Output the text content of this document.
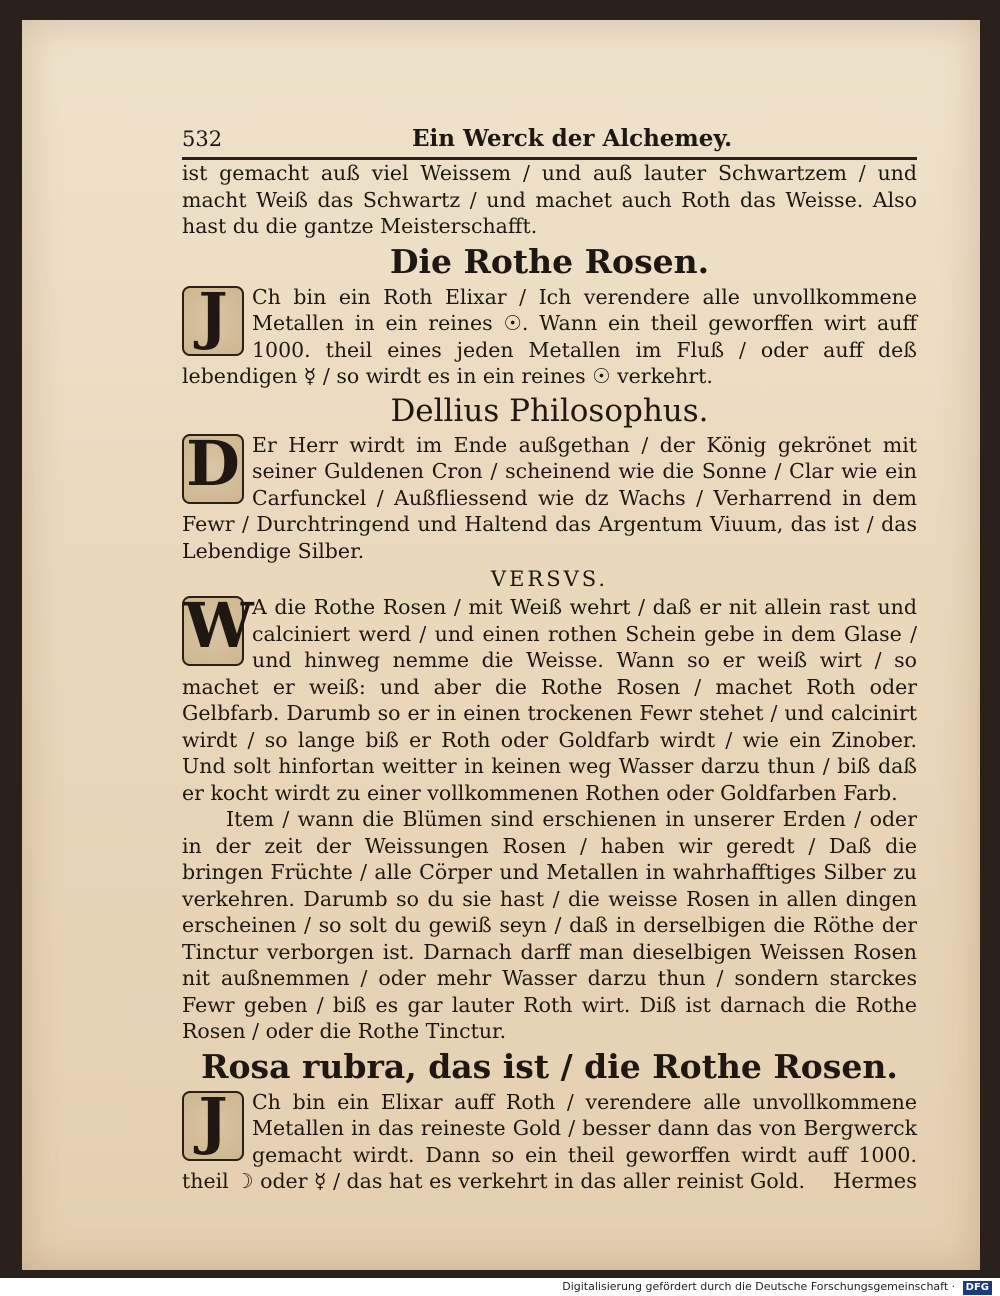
532	Ein Werck der Alchemey.

ist gemacht auß viel Weissem / und auß lauter Schwartzem / und macht Weiß das Schwartz / und machet auch Roth das Weisse. Also hast du die gantze Meisterschafft.

Die Rothe Rosen.

J	Ch bin ein Roth Elixar / Ich verendere alle unvollkommene Metallen in ein reines ☉. Wann ein theil geworffen wirt auff 1000. theil eines jeden Metallen im Fluß / oder auff deß lebendigen ☿ / so wirdt es in ein reines ☉ verkehrt.

Dellius Philosophus.

D Er Herr wirdt im Ende außgethan / der König gekrönet mit seiner Guldenen Cron / scheinend wie die Sonne / Clar wie ein Carfunckel / Außfliessend wie dz Wachs / Verharrend in dem Fewr / Durchtringend und Haltend das Argentum Viuum, das ist / das Lebendige Silber.

VERSVS.

W
A die Rothe Rosen / mit Weiß wehrt / daß er nit allein rast und calciniert werd / und einen rothen Schein gebe in dem Glase / und hinweg nemme die Weisse. Wann so er weiß wirt / so machet er weiß: und aber die Rothe Rosen / machet Roth oder Gelbfarb. Darumb so er in einen trockenen Fewr stehet / und calcinirt wirdt / so lange biß er Roth oder Goldfarb wirdt / wie ein Zinober. Und solt hinfortan weitter in keinen weg Wasser darzu thun / biß daß er kocht wirdt zu einer vollkommenen Rothen oder Goldfarben Farb.

Item / wann die Blümen sind erschienen in unserer Erden / oder in der zeit der Weissungen Rosen / haben wir geredt / Daß die bringen Früchte / alle Cörper und Metallen in wahrhafftiges Silber zu verkehren. Darumb so du sie hast / die weisse Rosen in allen dingen erscheinen / so solt du gewiß seyn / daß in derselbigen die Röthe der Tinctur verborgen ist. Darnach darff man dieselbigen Weissen Rosen nit außnemmen / oder mehr Wasser darzu thun / sondern starckes Fewr geben / biß es gar lauter Roth wirt. Diß ist darnach die Rothe Rosen / oder die Rothe Tinctur.

Rosa rubra, das ist / die Rothe Rosen.

J	Ch bin ein Elixar auff Roth / verendere alle unvollkommene Metallen in das reineste Gold / besser dann das von Bergwerck gemacht wirdt. Dann so ein theil geworffen wirdt auff 1000. theil ☽ oder ☿ / das hat es verkehrt in das aller reinist Gold.	Hermes
Digitalisierung gefördert durch die Deutsche Forschungsgemeinschaft · DFG
